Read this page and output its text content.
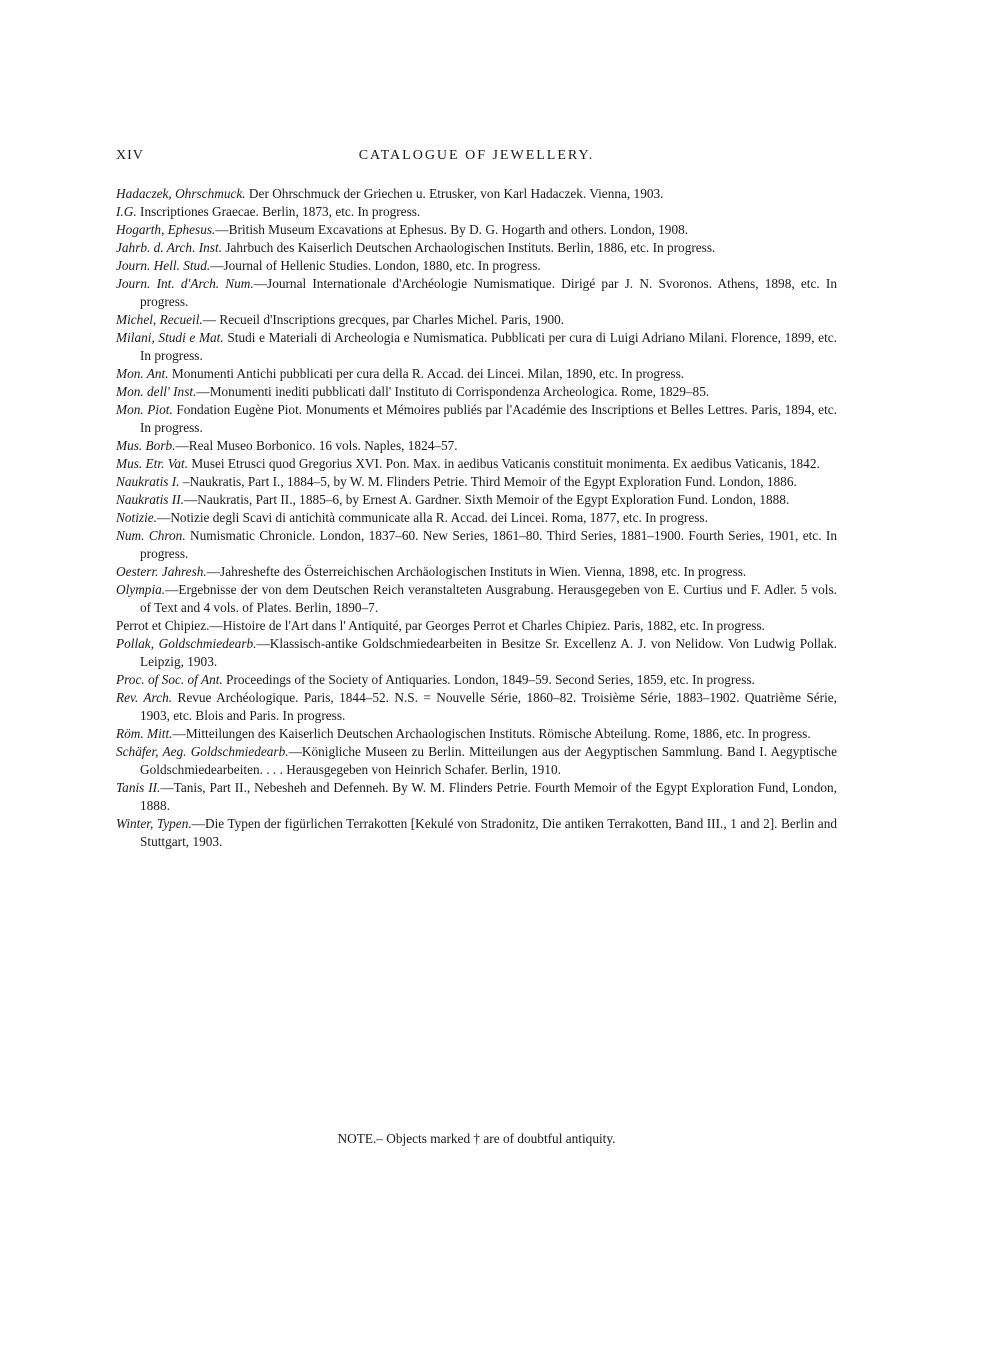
XIV	CATALOGUE OF JEWELLERY.
Hadaczek, Ohrschmuck. Der Ohrschmuck der Griechen u. Etrusker, von Karl Hadaczek. Vienna, 1903.
I.G. Inscriptiones Graecae. Berlin, 1873, etc. In progress.
Hogarth, Ephesus.—British Museum Excavations at Ephesus. By D. G. Hogarth and others. London, 1908.
Jahrb. d. Arch. Inst. Jahrbuch des Kaiserlich Deutschen Archaologischen Instituts. Berlin, 1886, etc. In progress.
Journ. Hell. Stud.—Journal of Hellenic Studies. London, 1880, etc. In progress.
Journ. Int. d'Arch. Num.—Journal Internationale d'Archéologie Numismatique. Dirigé par J. N. Svoronos. Athens, 1898, etc. In progress.
Michel, Recueil.— Recueil d'Inscriptions grecques, par Charles Michel. Paris, 1900.
Milani, Studi e Mat. Studi e Materiali di Archeologia e Numismatica. Pubblicati per cura di Luigi Adriano Milani. Florence, 1899, etc. In progress.
Mon. Ant. Monumenti Antichi pubblicati per cura della R. Accad. dei Lincei. Milan, 1890, etc. In progress.
Mon. dell' Inst.—Monumenti inediti pubblicati dall' Instituto di Corrispondenza Archeologica. Rome, 1829–85.
Mon. Piot. Fondation Eugène Piot. Monuments et Mémoires publiés par l'Académie des Inscriptions et Belles Lettres. Paris, 1894, etc. In progress.
Mus. Borb.—Real Museo Borbonico. 16 vols. Naples, 1824–57.
Mus. Etr. Vat. Musei Etrusci quod Gregorius XVI. Pon. Max. in aedibus Vaticanis constituit monimenta. Ex aedibus Vaticanis, 1842.
Naukratis I. –Naukratis, Part I., 1884–5, by W. M. Flinders Petrie. Third Memoir of the Egypt Exploration Fund. London, 1886.
Naukratis II.—Naukratis, Part II., 1885–6, by Ernest A. Gardner. Sixth Memoir of the Egypt Exploration Fund. London, 1888.
Notizie.—Notizie degli Scavi di antichità communicate alla R. Accad. dei Lincei. Roma, 1877, etc. In progress.
Num. Chron. Numismatic Chronicle. London, 1837–60. New Series, 1861–80. Third Series, 1881–1900. Fourth Series, 1901, etc. In progress.
Oesterr. Jahresh.—Jahreshefte des Österreichischen Archäologischen Instituts in Wien. Vienna, 1898, etc. In progress.
Olympia.—Ergebnisse der von dem Deutschen Reich veranstalteten Ausgrabung. Herausgegeben von E. Curtius und F. Adler. 5 vols. of Text and 4 vols. of Plates. Berlin, 1890–7.
Perrot et Chipiez.—Histoire de l'Art dans l' Antiquité, par Georges Perrot et Charles Chipiez. Paris, 1882, etc. In progress.
Pollak, Goldschmiedearb.—Klassisch-antike Goldschmiedearbeiten in Besitze Sr. Excellenz A. J. von Nelidow. Von Ludwig Pollak. Leipzig, 1903.
Proc. of Soc. of Ant. Proceedings of the Society of Antiquaries. London, 1849–59. Second Series, 1859, etc. In progress.
Rev. Arch. Revue Archéologique. Paris, 1844–52. N.S. = Nouvelle Série, 1860–82. Troisième Série, 1883–1902. Quatrième Série, 1903, etc. Blois and Paris. In progress.
Röm. Mitt.—Mitteilungen des Kaiserlich Deutschen Archaologischen Instituts. Römische Abteilung. Rome, 1886, etc. In progress.
Schäfer, Aeg. Goldschmiedearb.—Königliche Museen zu Berlin. Mitteilungen aus der Aegyptischen Sammlung. Band I. Aegyptische Goldschmiedearbeiten. . . . Herausgegeben von Heinrich Schafer. Berlin, 1910.
Tanis II.—Tanis, Part II., Nebesheh and Defenneh. By W. M. Flinders Petrie. Fourth Memoir of the Egypt Exploration Fund, London, 1888.
Winter, Typen.—Die Typen der figürlichen Terrakotten [Kekulé von Stradonitz, Die antiken Terrakotten, Band III., 1 and 2]. Berlin and Stuttgart, 1903.
NOTE.– Objects marked † are of doubtful antiquity.
